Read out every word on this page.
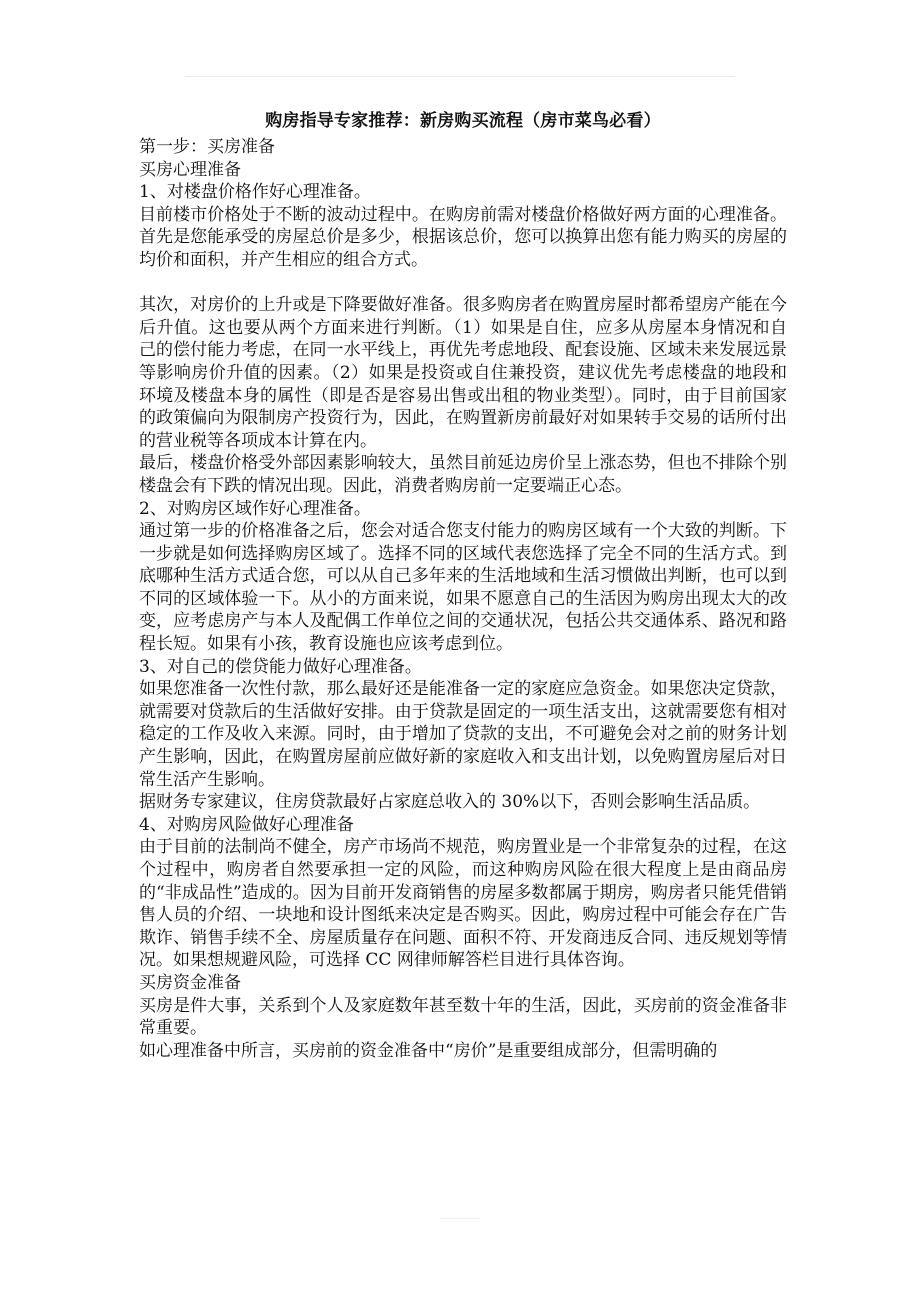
购房指导专家推荐：新房购买流程（房市菜鸟必看）

第一步：买房准备

买房心理准备

1、对楼盘价格作好心理准备。

目前楼市价格处于不断的波动过程中。在购房前需对楼盘价格做好两方面的心理准备。首先是您能承受的房屋总价是多少，根据该总价，您可以换算出您有能力购买的房屋的均价和面积，并产生相应的组合方式。

其次，对房价的上升或是下降要做好准备。很多购房者在购置房屋时都希望房产能在今后升值。这也要从两个方面来进行判断。（1）如果是自住，应多从房屋本身情况和自己的偿付能力考虑，在同一水平线上，再优先考虑地段、配套设施、区域未来发展远景等影响房价升值的因素。（2）如果是投资或自住兼投资，建议优先考虑楼盘的地段和环境及楼盘本身的属性（即是否是容易出售或出租的物业类型）。同时，由于目前国家的政策偏向为限制房产投资行为，因此，在购置新房前最好对如果转手交易的话所付出的营业税等各项成本计算在内。

最后，楼盘价格受外部因素影响较大，虽然目前延边房价呈上涨态势，但也不排除个别楼盘会有下跌的情况出现。因此，消费者购房前一定要端正心态。

2、对购房区域作好心理准备。

通过第一步的价格准备之后，您会对适合您支付能力的购房区域有一个大致的判断。下一步就是如何选择购房区域了。选择不同的区域代表您选择了完全不同的生活方式。到底哪种生活方式适合您，可以从自己多年来的生活地域和生活习惯做出判断，也可以到不同的区域体验一下。从小的方面来说，如果不愿意自己的生活因为购房出现太大的改变，应考虑房产与本人及配偶工作单位之间的交通状况，包括公共交通体系、路况和路程长短。如果有小孩，教育设施也应该考虑到位。

3、对自己的偿贷能力做好心理准备。

如果您准备一次性付款，那么最好还是能准备一定的家庭应急资金。如果您决定贷款，就需要对贷款后的生活做好安排。由于贷款是固定的一项生活支出，这就需要您有相对稳定的工作及收入来源。同时，由于增加了贷款的支出，不可避免会对之前的财务计划产生影响，因此，在购置房屋前应做好新的家庭收入和支出计划，以免购置房屋后对日常生活产生影响。

据财务专家建议，住房贷款最好占家庭总收入的 30%以下，否则会影响生活品质。

4、对购房风险做好心理准备

由于目前的法制尚不健全，房产市场尚不规范，购房置业是一个非常复杂的过程，在这个过程中，购房者自然要承担一定的风险，而这种购房风险在很大程度上是由商品房的“非成品性”造成的。因为目前开发商销售的房屋多数都属于期房，购房者只能凭借销售人员的介绍、一块地和设计图纸来决定是否购买。因此，购房过程中可能会存在广告欺诈、销售手续不全、房屋质量存在问题、面积不符、开发商违反合同、违反规划等情况。如果想规避风险，可选择 CC 网律师解答栏目进行具体咨询。

买房资金准备

买房是件大事，关系到个人及家庭数年甚至数十年的生活，因此，买房前的资金准备非常重要。

如心理准备中所言，买房前的资金准备中“房价”是重要组成部分，但需明确的
